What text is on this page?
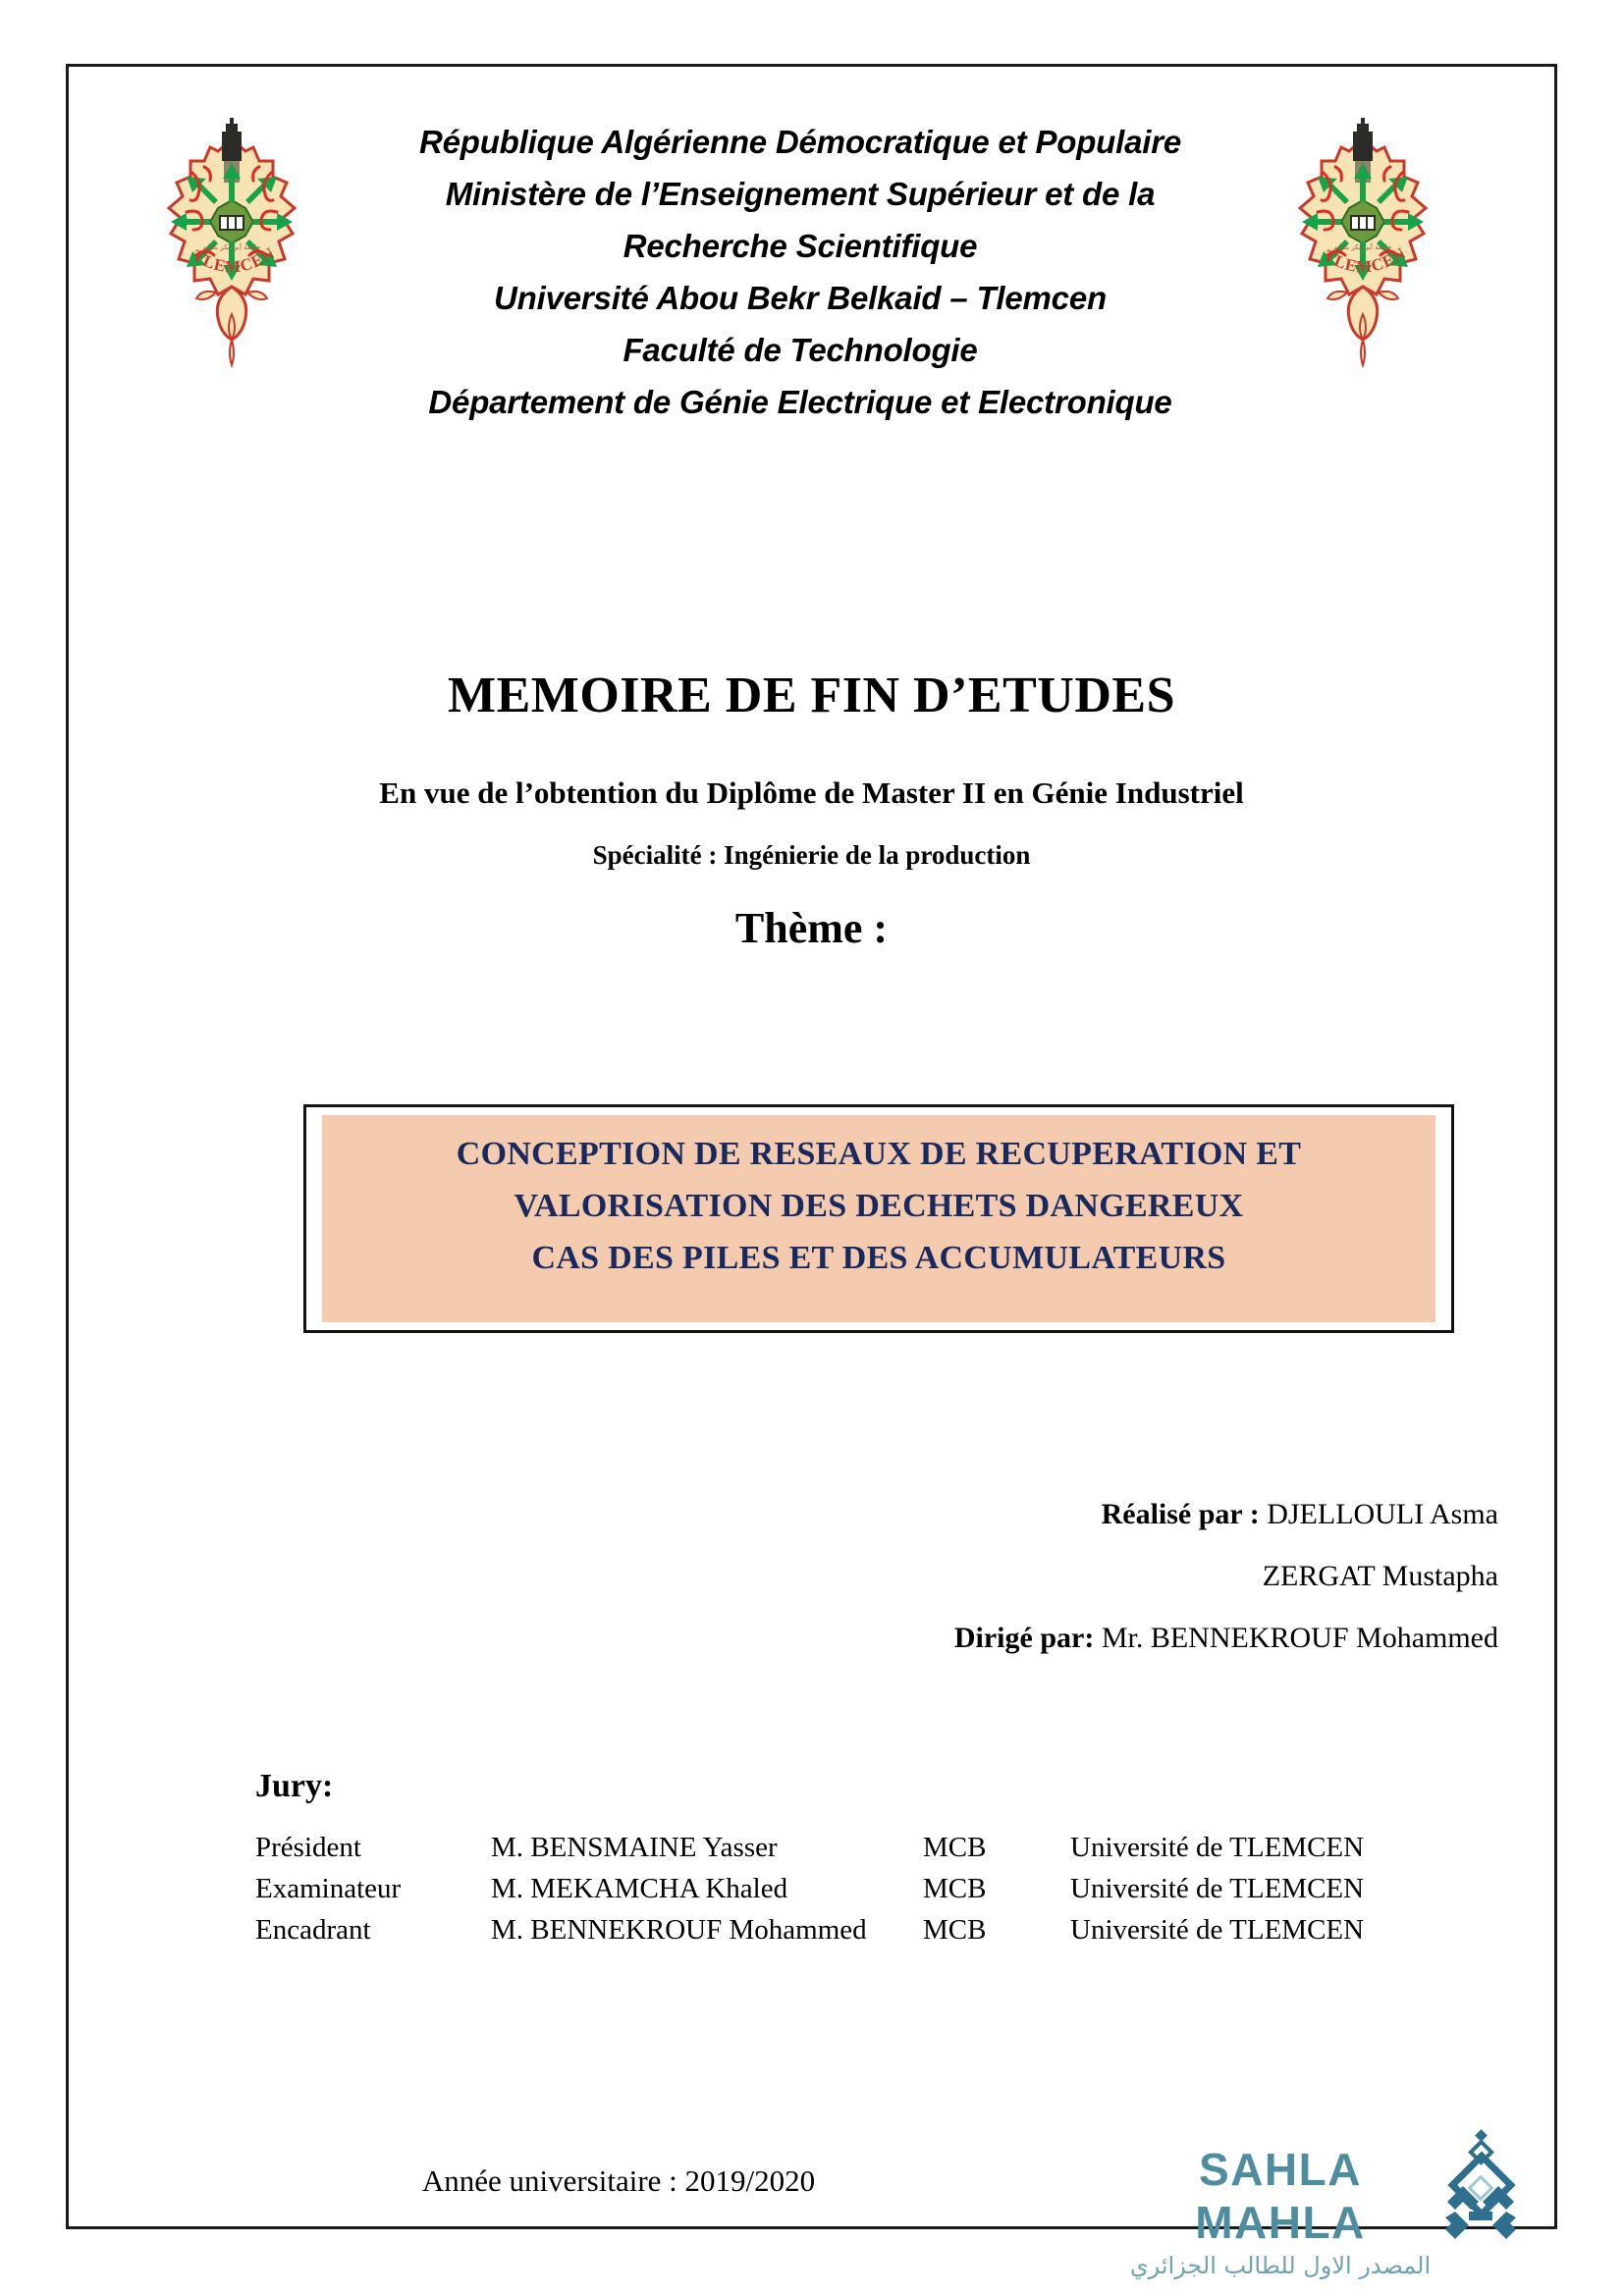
TLEMCEN
جامعة أبي بكر بلقايد
République Algérienne Démocratique et Populaire
Ministère de l’Enseignement Supérieur et de la
Recherche Scientifique
Université Abou Bekr Belkaid – Tlemcen
Faculté de Technologie
Département de Génie Electrique et Electronique
TLEMCEN
جامعة أبي بكر بلقايد
MEMOIRE DE FIN D’ETUDES
En vue de l’obtention du Diplôme de Master II en Génie Industriel
Spécialité : Ingénierie de la production
Thème :
CONCEPTION DE RESEAUX DE RECUPERATION ET
VALORISATION DES DECHETS DANGEREUX
CAS DES PILES ET DES ACCUMULATEURS
Réalisé par : DJELLOULI Asma
ZERGAT Mustapha
Dirigé par: Mr. BENNEKROUF Mohammed
Jury:
Président	M. BENSMAINE Yasser	MCB	Université de TLEMCEN
Examinateur	M. MEKAMCHA Khaled	MCB	Université de TLEMCEN
Encadrant	M. BENNEKROUF Mohammed	MCB	Université de TLEMCEN
Année universitaire : 2019/2020	SAHLA MAHLA
المصدر الاول للطالب الجزائري
